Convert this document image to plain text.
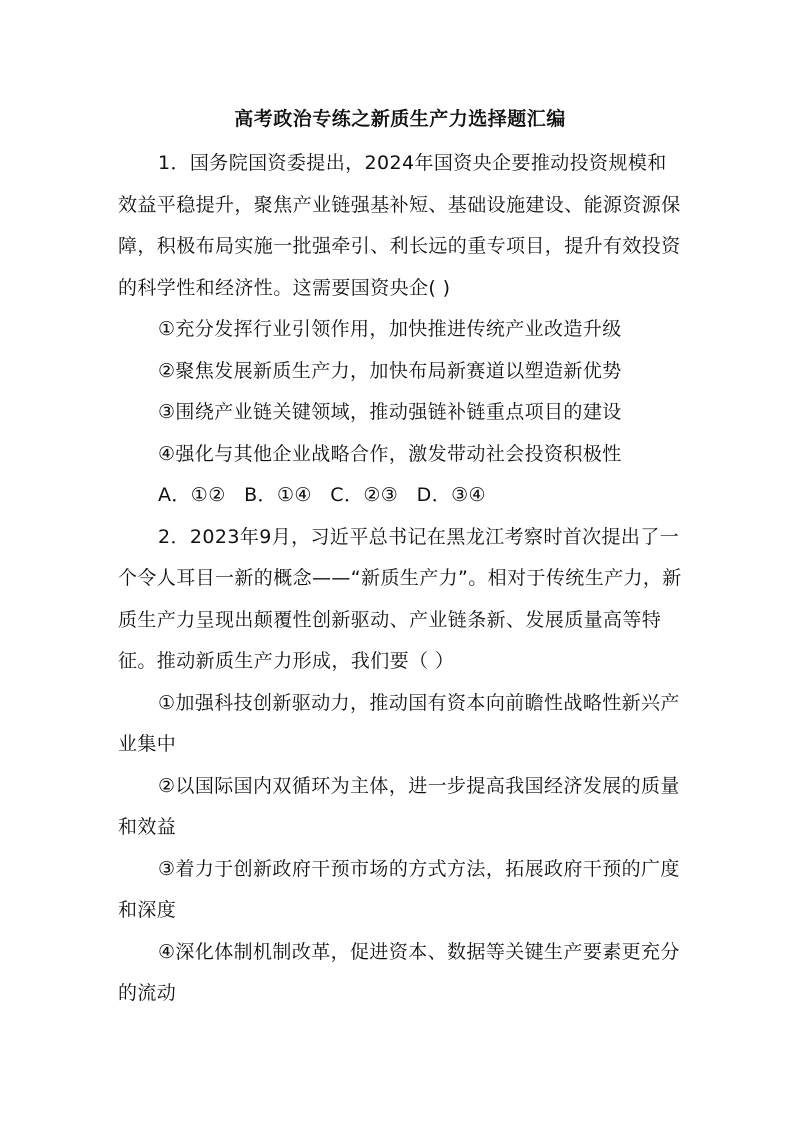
高考政治专练之新质生产力选择题汇编

1．国务院国资委提出，2024年国资央企要推动投资规模和效益平稳提升，聚焦产业链强基补短、基础设施建设、能源资源保障，积极布局实施一批强牵引、利长远的重专项目，提升有效投资的科学性和经济性。这需要国资央企( )

①充分发挥行业引领作用，加快推进传统产业改造升级

②聚焦发展新质生产力，加快布局新赛道以塑造新优势

③围绕产业链关键领域，推动强链补链重点项目的建设

④强化与其他企业战略合作，激发带动社会投资积极性

A．①② B．①④ C．②③ D．③④

2．2023年9月，习近平总书记在黑龙江考察时首次提出了一个令人耳目一新的概念——“新质生产力”。相对于传统生产力，新质生产力呈现出颠覆性创新驱动、产业链条新、发展质量高等特征。推动新质生产力形成，我们要（ ）

①加强科技创新驱动力，推动国有资本向前瞻性战略性新兴产业集中

②以国际国内双循环为主体，进一步提高我国经济发展的质量和效益

③着力于创新政府干预市场的方式方法，拓展政府干预的广度和深度

④深化体制机制改革，促进资本、数据等关键生产要素更充分的流动
